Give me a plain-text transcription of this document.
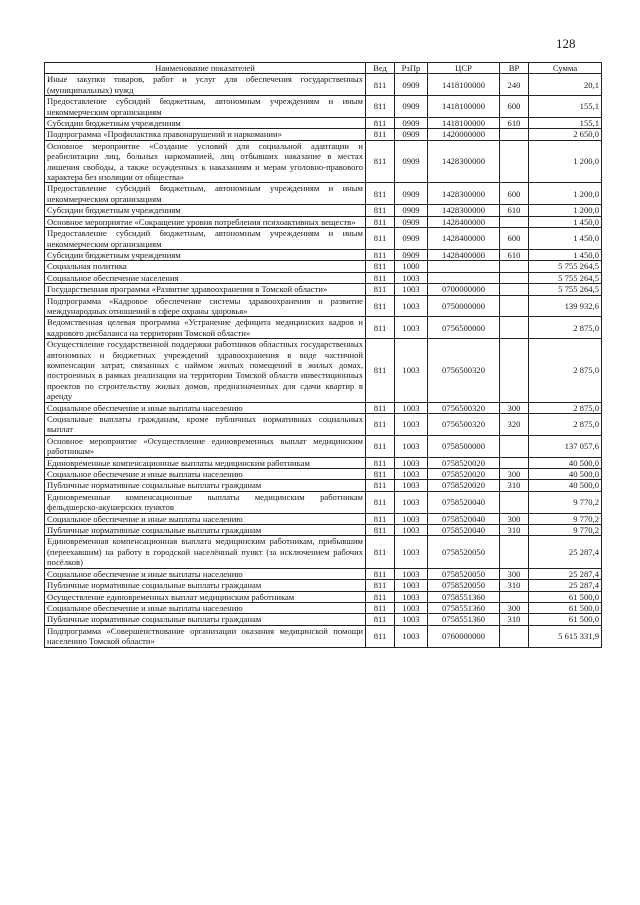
128
Наименование показателей	Вед	РзПр	ЦСР	ВР	Сумма
Иные закупки товаров, работ и услуг для обеспечения государственных (муниципальных) нужд	811	0909	1418100000	240	20,1
Предоставление субсидий бюджетным, автономным учреждениям и иным некоммерческим организациям	811	0909	1418100000	600	155,1
Субсидии бюджетным учреждениям	811	0909	1418100000	610	155,1
Подпрограмма «Профилактика правонарушений и наркомании»	811	0909	1420000000		2 650,0
Основное мероприятие «Создание условий для социальной адаптации и реабилитации лиц, больных наркоманией, лиц отбывших наказание в местах лишения свободы, а также осужденных к наказаниям и мерам уголовно-правового характера без изоляции от общества»	811	0909	1428300000		1 200,0
Предоставление субсидий бюджетным, автономным учреждениям и иным некоммерческим организациям	811	0909	1428300000	600	1 200,0
Субсидии бюджетным учреждениям	811	0909	1428300000	610	1 200,0
Основное мероприятие «Сокращение уровня потребления психоактивных веществ»	811	0909	1428400000		1 450,0
Предоставление субсидий бюджетным, автономным учреждениям и иным некоммерческим организациям	811	0909	1428400000	600	1 450,0
Субсидии бюджетным учреждениям	811	0909	1428400000	610	1 450,0
Социальная политика	811	1000			5 755 264,5
Социальное обеспечение населения	811	1003			5 755 264,5
Государственная программа «Развитие здравоохранения в Томской области»	811	1003	0700000000		5 755 264,5
Подпрограмма «Кадровое обеспечение системы здравоохранения и развитие международных отношений в сфере охраны здоровья»	811	1003	0750000000		139 932,6
Ведомственная целевая программа «Устранение дефицита медицинских кадров и кадрового дисбаланса на территории Томской области»	811	1003	0756500000		2 875,0
Осуществление государственной поддержки работников областных государственных автономных и бюджетных учреждений здравоохранения в виде частичной компенсации затрат, связанных с наймом жилых помещений в жилых домах, построенных в рамках реализации на территории Томской области инвестиционных проектов по строительству жилых домов, предназначенных для сдачи квартир в аренду	811	1003	0756500320		2 875,0
Социальное обеспечение и иные выплаты населению	811	1003	0756500320	300	2 875,0
Социальные выплаты гражданам, кроме публичных нормативных социальных выплат	811	1003	0756500320	320	2 875,0
Основное мероприятие «Осуществление единовременных выплат медицинским работникам»	811	1003	0758500000		137 057,6
Единовременные компенсационные выплаты медицинским работникам	811	1003	0758520020		40 500,0
Социальное обеспечение и иные выплаты населению	811	1003	0758520020	300	40 500,0
Публичные нормативные социальные выплаты гражданам	811	1003	0758520020	310	40 500,0
Единовременные компенсационные выплаты медицинским работникам фельдшерско-акушерских пунктов	811	1003	0758520040		9 770,2
Социальное обеспечение и иные выплаты населению	811	1003	0758520040	300	9 770,2
Публичные нормативные социальные выплаты гражданам	811	1003	0758520040	310	9 770,2
Единовременная компенсационная выплата медицинским работникам, прибывшим (переехавшим) на работу в городской населённый пункт (за исключением рабочих посёлков)	811	1003	0758520050		25 287,4
Социальное обеспечение и иные выплаты населению	811	1003	0758520050	300	25 287,4
Публичные нормативные социальные выплаты гражданам	811	1003	0758520050	310	25 287,4
Осуществление единовременных выплат медицинским работникам	811	1003	0758551360		61 500,0
Социальное обеспечение и иные выплаты населению	811	1003	0758551360	300	61 500,0
Публичные нормативные социальные выплаты гражданам	811	1003	0758551360	310	61 500,0
Подпрограмма «Совершенствование организации оказания медицинской помощи населению Томской области»	811	1003	0760000000		5 615 331,9
